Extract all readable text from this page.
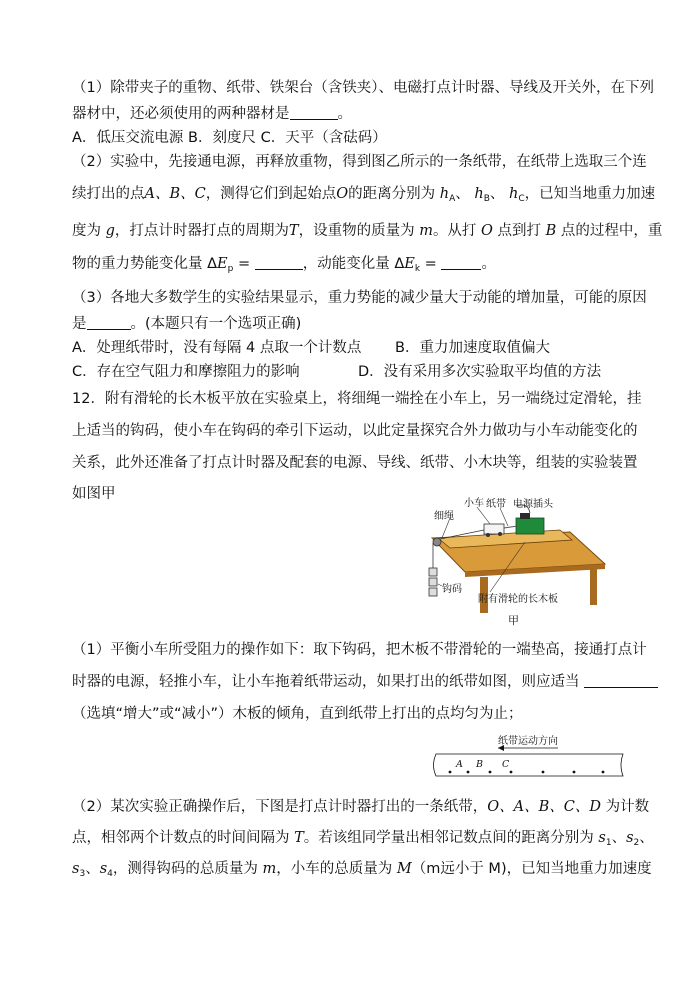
（1）除带夹子的重物、纸带、铁架台（含铁夹）、电磁打点计时器、导线及开关外，在下列
器材中，还必须使用的两种器材是	。
A．低压交流电源 B．刻度尺 C．天平（含砝码）
（2）实验中，先接通电源，再释放重物，得到图乙所示的一条纸带，在纸带上选取三个连
续打出的点A、B、C，测得它们到起始点O的距离分别为 $h_A$、 $h_B$、 $h_C$，已知当地重力加速
度为 g，打点计时器打点的周期为T，设重物的质量为 m。从打 O 点到打 B 点的过程中，重
物的重力势能变化量 $\Delta E_p$ =	，动能变化量 $\Delta E_k$ =	。
（3）各地大多数学生的实验结果显示，重力势能的减少量大于动能的增加量，可能的原因
是	。(本题只有一个选项正确)
A．处理纸带时，没有每隔 4 点取一个计数点 B．重力加速度取值偏大
C．存在空气阻力和摩擦阻力的影响	D．没有采用多次实验取平均值的方法
12．附有滑轮的长木板平放在实验桌上，将细绳一端拴在小车上，另一端绕过定滑轮，挂
上适当的钩码，使小车在钩码的牵引下运动，以此定量探究合外力做功与小车动能变化的
关系，此外还准备了打点计时器及配套的电源、导线、纸带、小木块等，组装的实验装置
如图甲
小车 纸带 电源插头
细绳
附有滑轮的长木板
钩码
甲
（1）平衡小车所受阻力的操作如下：取下钩码，把木板不带滑轮的一端垫高，接通打点计
时器的电源，轻推小车，让小车拖着纸带运动，如果打出的纸带如图，则应适当
（选填“增大”或“减小”）木板的倾角，直到纸带上打出的点均匀为止；
纸带运动方向
A B C
（2）某次实验正确操作后，下图是打点计时器打出的一条纸带，O、A、B、C、D 为计数
点，相邻两个计数点的时间间隔为 T。若该组同学量出相邻记数点间的距离分别为 $s_1$、$s_2$、
$s_3$、$s_4$，测得钩码的总质量为 m，小车的总质量为 M（m远小于 M)，已知当地重力加速度
